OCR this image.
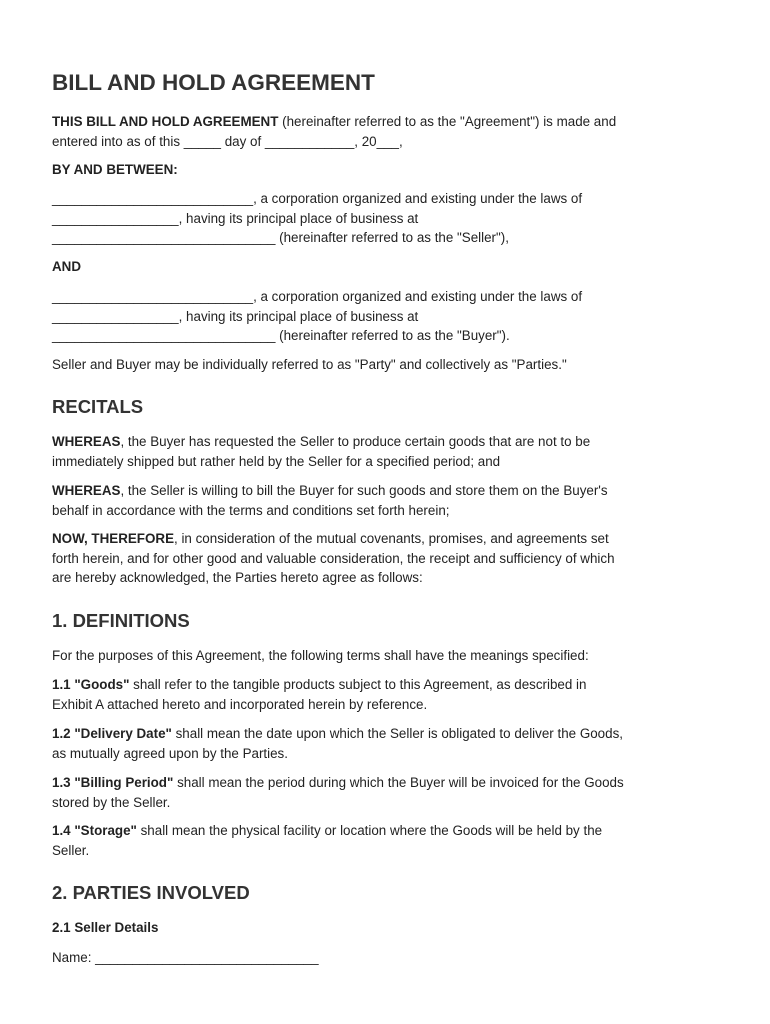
BILL AND HOLD AGREEMENT

THIS BILL AND HOLD AGREEMENT (hereinafter referred to as the "Agreement") is made and
entered into as of this _____ day of ____________, 20___,

BY AND BETWEEN:

___________________________, a corporation organized and existing under the laws of
_________________, having its principal place of business at
______________________________ (hereinafter referred to as the "Seller"),

AND

___________________________, a corporation organized and existing under the laws of
_________________, having its principal place of business at
______________________________ (hereinafter referred to as the "Buyer").

Seller and Buyer may be individually referred to as "Party" and collectively as "Parties."

RECITALS

WHEREAS, the Buyer has requested the Seller to produce certain goods that are not to be
immediately shipped but rather held by the Seller for a specified period; and

WHEREAS, the Seller is willing to bill the Buyer for such goods and store them on the Buyer's
behalf in accordance with the terms and conditions set forth herein;

NOW, THEREFORE, in consideration of the mutual covenants, promises, and agreements set
forth herein, and for other good and valuable consideration, the receipt and sufficiency of which
are hereby acknowledged, the Parties hereto agree as follows:

1. DEFINITIONS

For the purposes of this Agreement, the following terms shall have the meanings specified:

1.1 "Goods" shall refer to the tangible products subject to this Agreement, as described in
Exhibit A attached hereto and incorporated herein by reference.

1.2 "Delivery Date" shall mean the date upon which the Seller is obligated to deliver the Goods,
as mutually agreed upon by the Parties.

1.3 "Billing Period" shall mean the period during which the Buyer will be invoiced for the Goods
stored by the Seller.

1.4 "Storage" shall mean the physical facility or location where the Goods will be held by the
Seller.

2. PARTIES INVOLVED
2.1 Seller Details

Name: ______________________________
